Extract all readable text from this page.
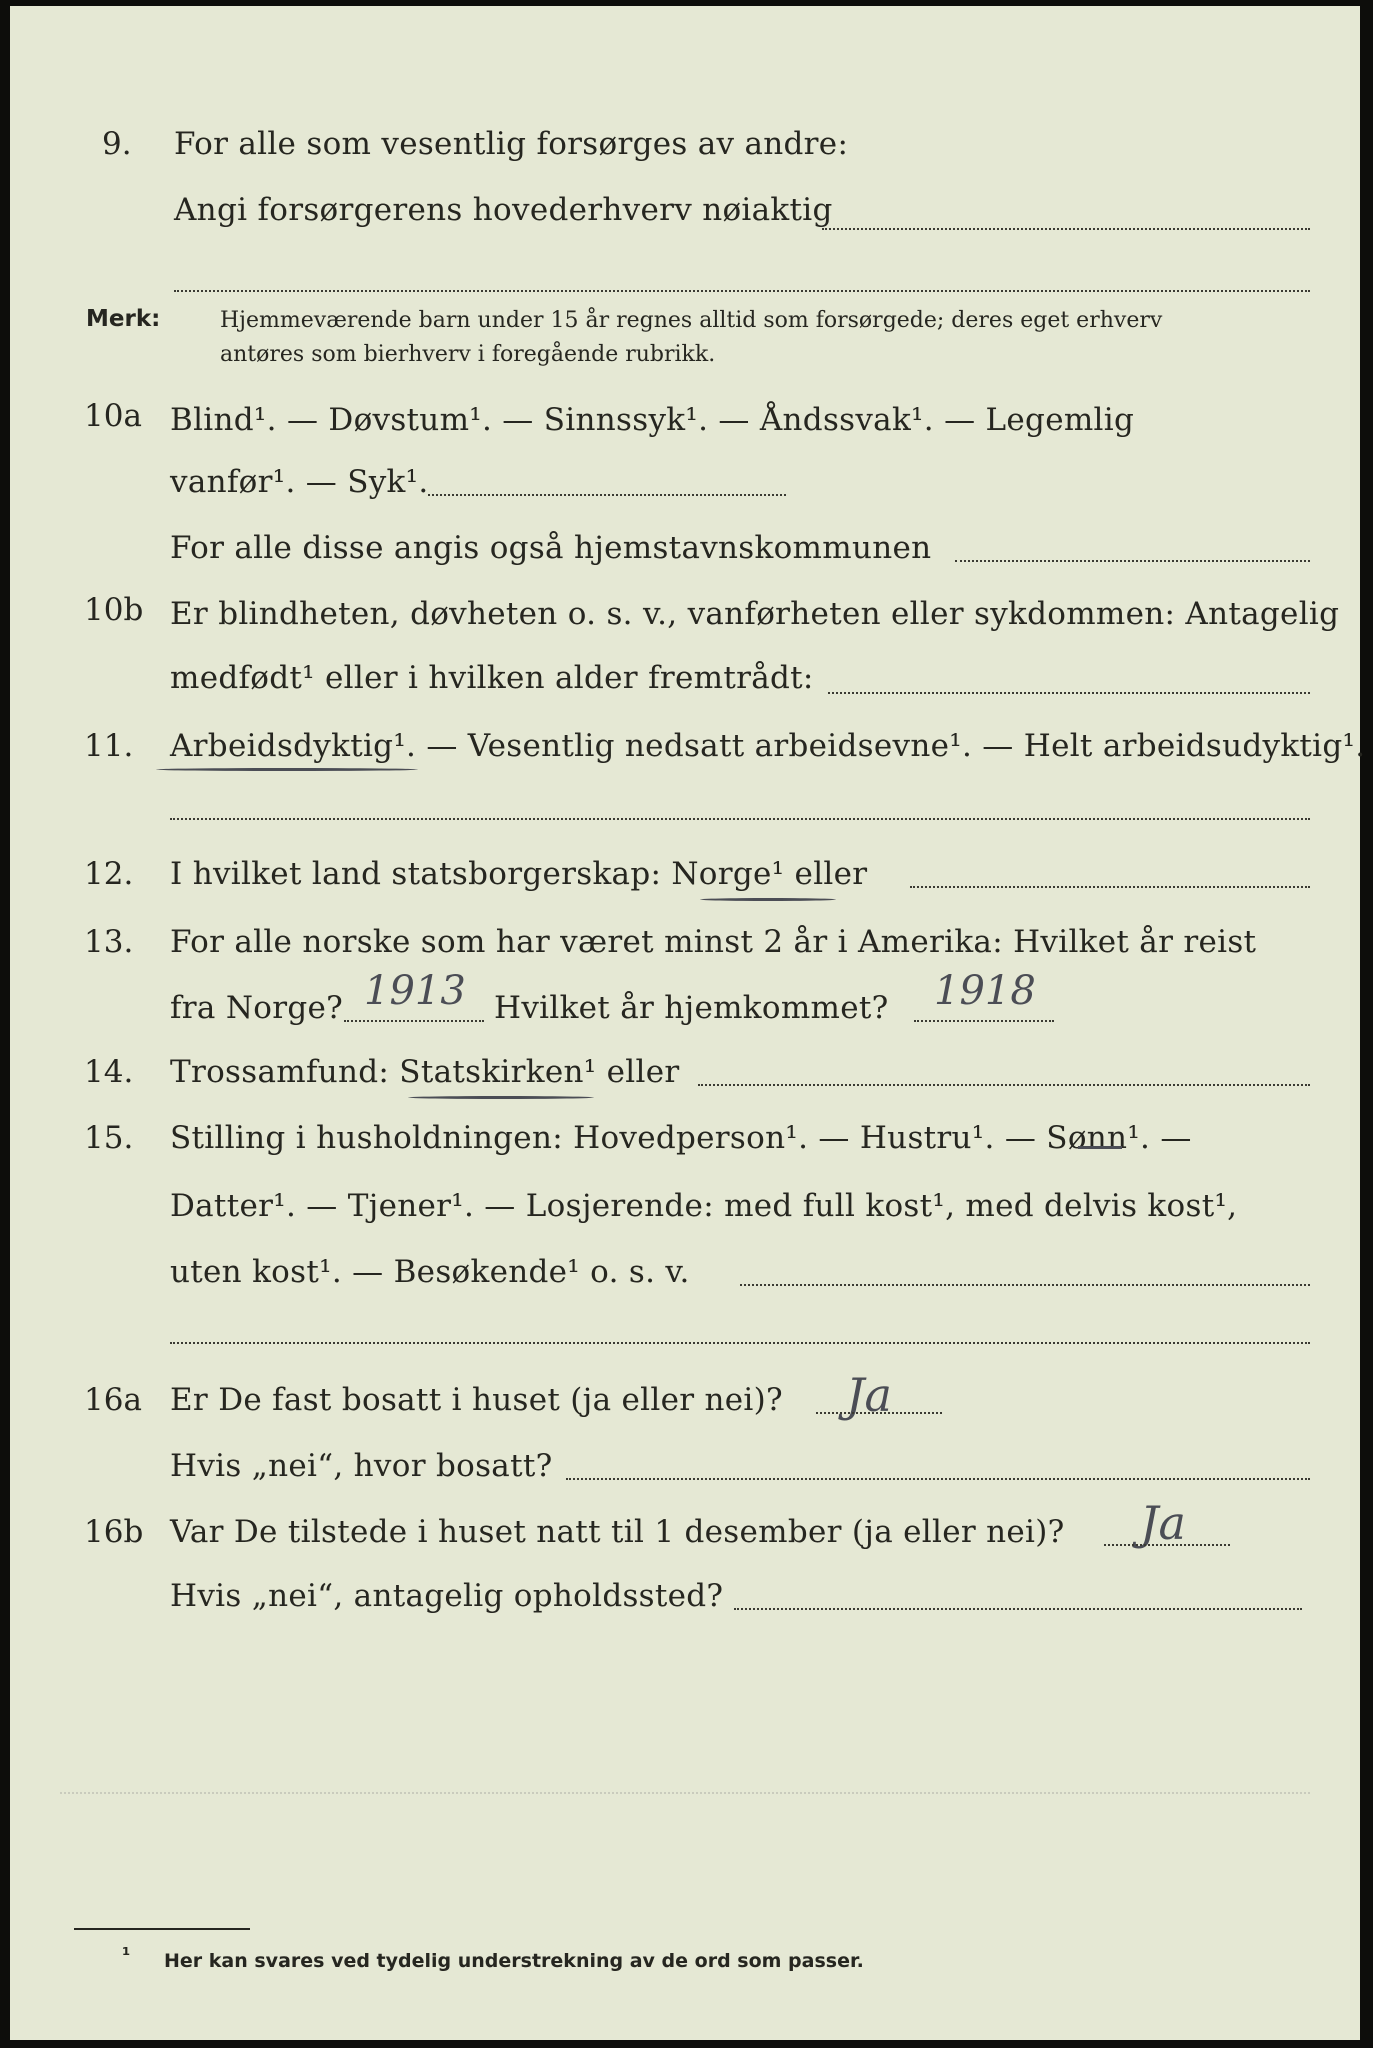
9. For alle som vesentlig forsørges av andre:
Angi forsørgerens hovederhverv nøiaktig
Merk:	Hjemmeværende barn under 15 år regnes alltid som forsørgede; deres eget erhverv
antøres som bierhverv i foregående rubrikk.
10a Blind¹. — Døvstum¹. — Sinnssyk¹. — Åndssvak¹. — Legemlig
vanfør¹. — Syk¹.
For alle disse angis også hjemstavnskommunen
10b Er blindheten, døvheten o. s. v., vanførheten eller sykdommen: Antagelig
medfødt¹ eller i hvilken alder fremtrådt:
11. Arbeidsdyktig¹. — Vesentlig nedsatt arbeidsevne¹. — Helt arbeidsudyktig¹.
12. I hvilket land statsborgerskap: Norge¹ eller
13. For alle norske som har været minst 2 år i Amerika: Hvilket år reist
fra Norge? 1913 Hvilket år hjemkommet? 1918
14. Trossamfund: Statskirken¹ eller
15. Stilling i husholdningen: Hovedperson¹. — Hustru¹. — Sønn¹. —
Datter¹. — Tjener¹. — Losjerende: med full kost¹, med delvis kost¹,
uten kost¹. — Besøkende¹ o. s. v.
16a Er De fast bosatt i huset (ja eller nei)? Ja
Hvis „nei“, hvor bosatt?
16b Var De tilstede i huset natt til 1 desember (ja eller nei)? Ja
Hvis „nei“, antagelig opholdssted?
¹ Her kan svares ved tydelig understrekning av de ord som passer.
